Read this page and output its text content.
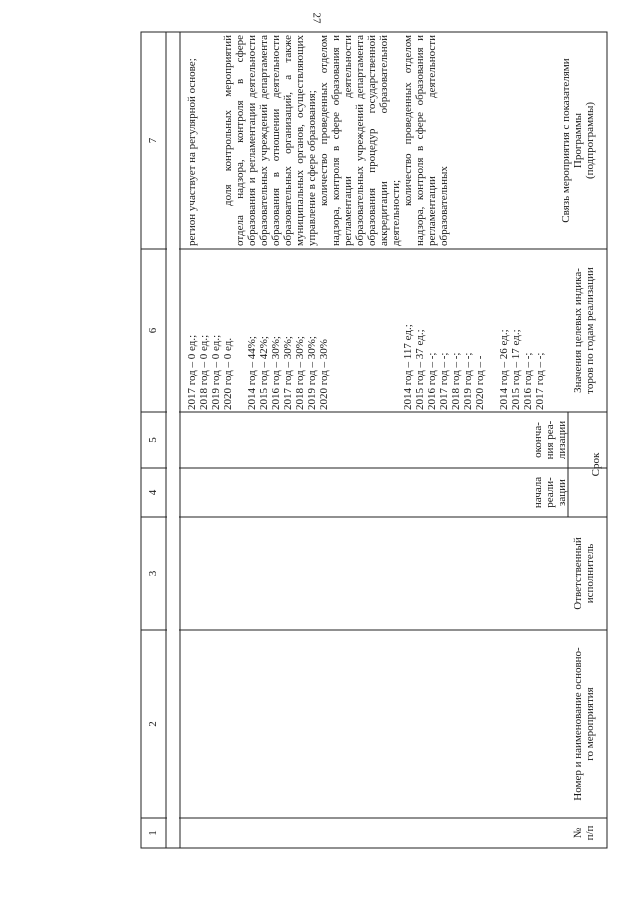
27
1
2
3
4
5
6
7
№
п/п
Номер и наименование основно-
го мероприятия
Ответственный
исполнитель
Срок
начала
реали-
зации
оконча-
ния реа-
лизации
Значения целевых индика-
торов по годам реализации
Связь мероприятия с показателями
Программы
(подпрограммы)
2017 год – 0 ед.; 2018 год – 0 ед.; 2019 год – 0 ед.; 2020 год – 0 ед.
2014 год – 44%; 2015 год – 42%; 2016 год – 30%; 2017 год – 30%; 2018 год – 30%; 2019 год – 30%; 2020 год – 30%	2014 год – 117 ед.; 2015 год – 37 ед.; 2016 год – -; 2017 год – -; 2018 год – -; 2019 год – -; 2020 год – - 2014 год – 26 ед.; 2015 год – 17 ед.; 2016 год – -; 2017 год – -;

регион участвует на регулярной основе; доля контрольных мероприятий отдела надзора, контроля в сфере образования и регламентации деятельности образовательных учреждений департамента образования в отношении деятельности образовательных организаций, а также муниципальных органов, осуществляющих управление в сфере образования; количество проведенных отделом надзора, контроля в сфере образования и регламентации деятельности образовательных учреждений департамента образования процедур государственной аккредитации образовательной деятельности;

количество проведенных отделом надзора, контроля в сфере образования и регламентации деятельности образовательных
